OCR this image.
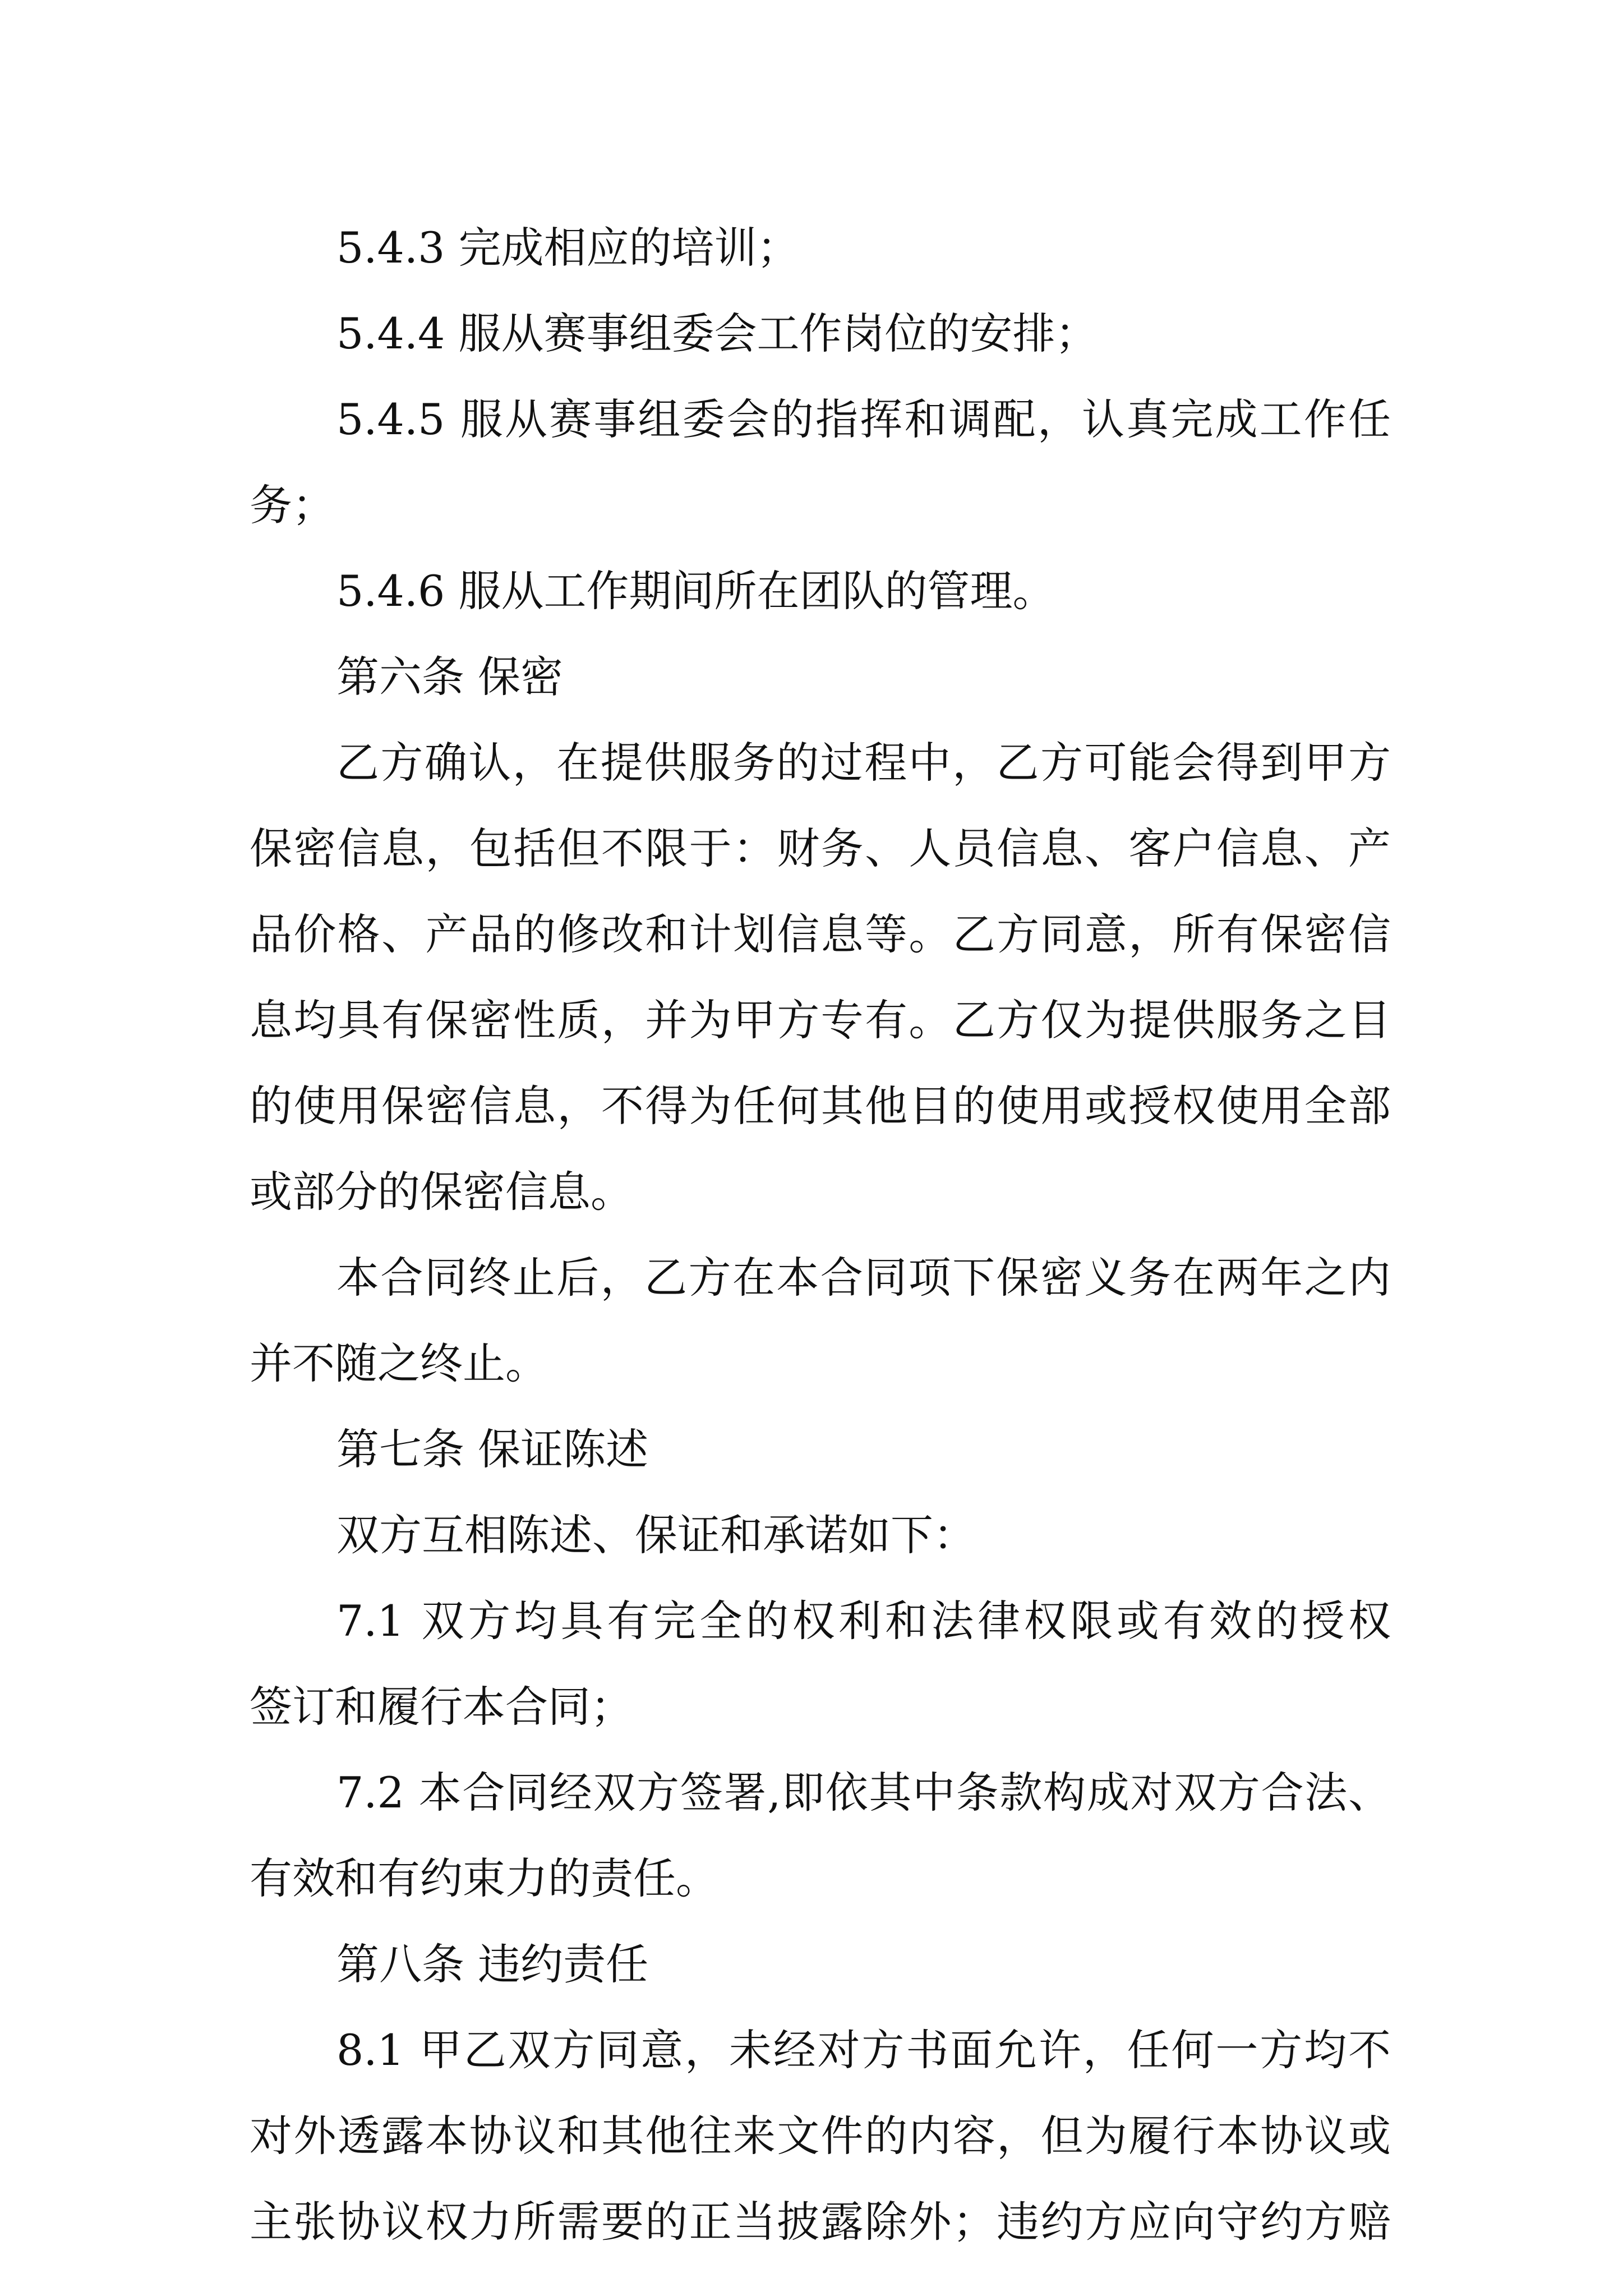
5.4.3 完成相应的培训；
5.4.4 服从赛事组委会工作岗位的安排；
5.4.5 服从赛事组委会的指挥和调配，认真完成工作任
务；
5.4.6 服从工作期间所在团队的管理。
第六条 保密
乙方确认，在提供服务的过程中，乙方可能会得到甲方
保密信息，包括但不限于：财务、人员信息、客户信息、产
品价格、产品的修改和计划信息等。乙方同意，所有保密信
息均具有保密性质，并为甲方专有。乙方仅为提供服务之目
的使用保密信息，不得为任何其他目的使用或授权使用全部
或部分的保密信息。
本合同终止后，乙方在本合同项下保密义务在两年之内
并不随之终止。
第七条 保证陈述
双方互相陈述、保证和承诺如下：
7.1 双方均具有完全的权利和法律权限或有效的授权
签订和履行本合同；
7.2 本合同经双方签署,即依其中条款构成对双方合法、
有效和有约束力的责任。
第八条 违约责任
8.1 甲乙双方同意，未经对方书面允许，任何一方均不
对外透露本协议和其他往来文件的内容，但为履行本协议或
主张协议权力所需要的正当披露除外；违约方应向守约方赔
